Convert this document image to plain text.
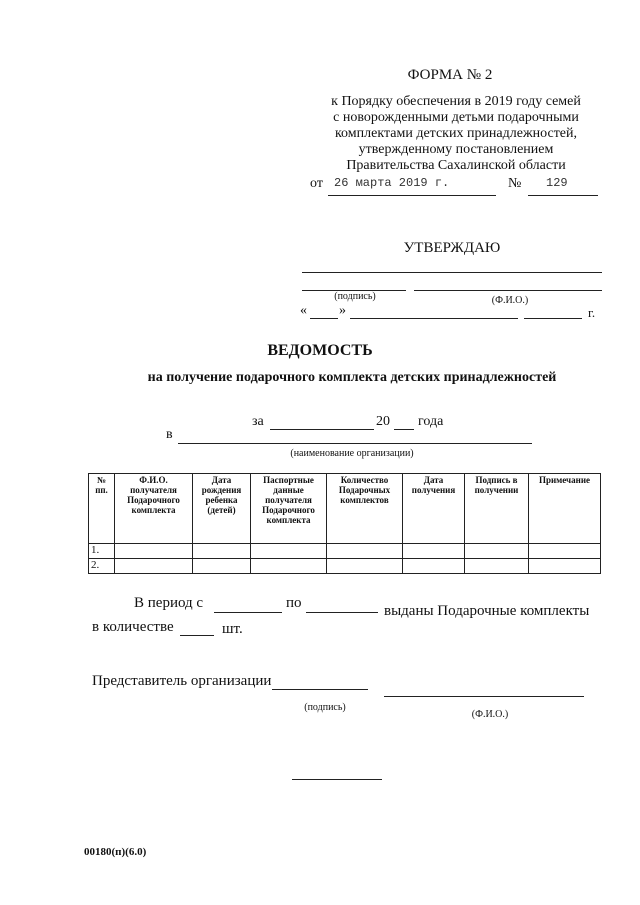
ФОРМА № 2
к Порядку обеспечения в 2019 году семей
с новорожденными детьми подарочными
комплектами детских принадлежностей,
утвержденному постановлением
Правительства Сахалинской области
от 26 марта 2019 г.	№ 129
УТВЕРЖДАЮ
(подпись)	(Ф.И.О.)
« »	г.
ВЕДОМОСТЬ
на получение подарочного комплекта детских принадлежностей
за	20 года
в
(наименование организации)
№ пп.	Ф.И.О. получателя Подарочного комплекта	Дата рождения ребенка (детей)	Паспортные данные получателя Подарочного комплекта	Количество Подарочных комплектов	Дата получения	Подпись в получении	Примечание
1.							
2.							
В период с	по	выданы Подарочные комплекты
в количестве	шт.
Представитель организации
(подпись)
(Ф.И.О.)
00180(п)(6.0)
